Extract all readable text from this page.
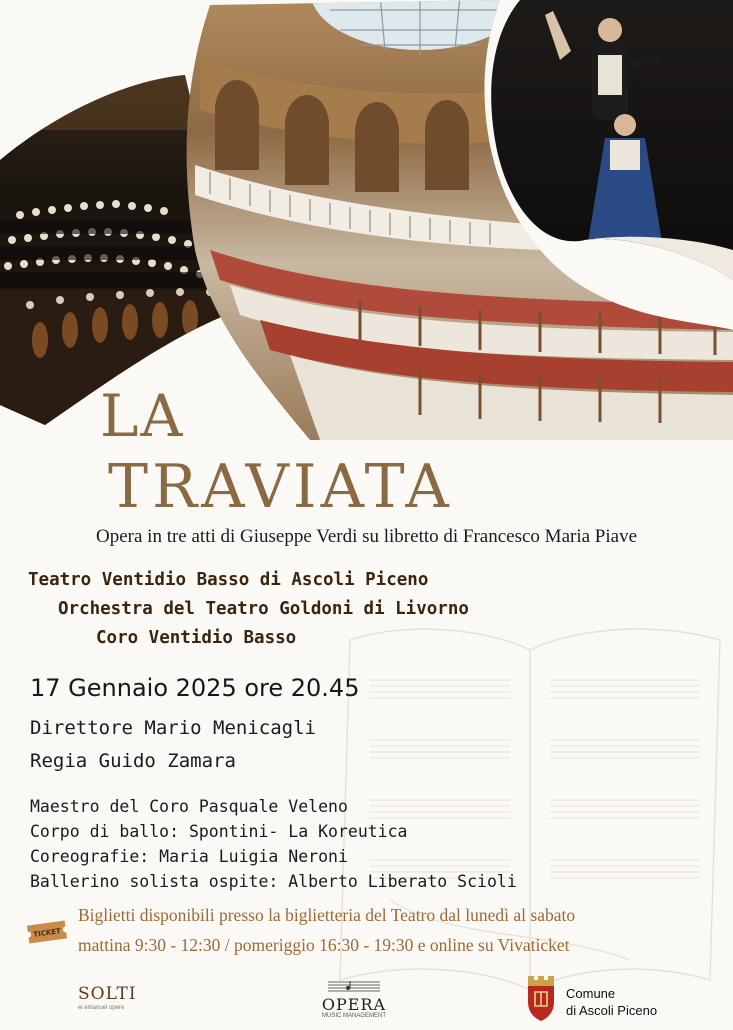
LA
TRAVIATA

Opera in tre atti di Giuseppe Verdi su libretto di Francesco Maria Piave

Teatro Ventidio Basso di Ascoli Piceno

Orchestra del Teatro Goldoni di Livorno

Coro Ventidio Basso

17 Gennaio 2025 ore 20.45

Direttore Mario Menicagli

Regia Guido Zamara

Maestro del Coro Pasquale Veleno

Corpo di ballo: Spontini- La Koreutica

Coreografie: Maria Luigia Neroni

Ballerino solista ospite: Alberto Liberato Scioli

TICKET

Biglietti disponibili presso la biglietteria del Teatro dal lunedì al sabato

mattina 9:30 - 12:30 / pomeriggio 16:30 - 19:30 e online su Vivaticket

SOLTI
ei emanuel opere	OPERA
MUSIC MANAGEMENT

Comune

di Ascoli Piceno
